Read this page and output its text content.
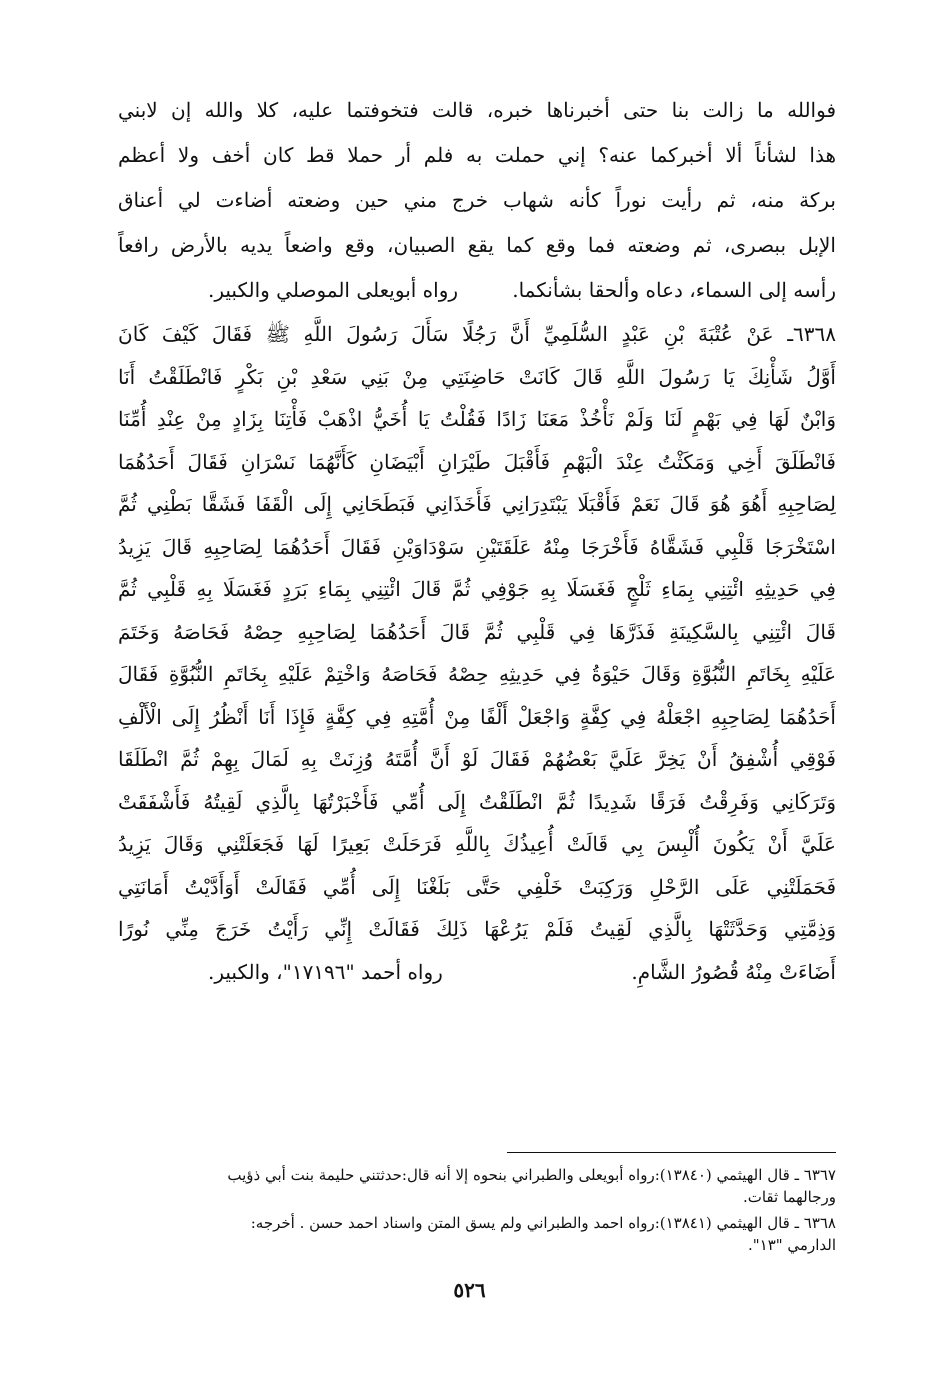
فوالله ما زالت بنا حتى أخبرناها خبره، قالت فتخوفتما عليه، كلا والله إن لابني
هذا لشأناً ألا أخبركما عنه؟ إني حملت به فلم أر حملا قط كان أخف ولا أعظم
بركة منه، ثم رأيت نوراً كأنه شهاب خرج مني حين وضعته أضاءت لي أعناق
الإبل ببصرى، ثم وضعته فما وقع كما يقع الصبيان، وقع واضعاً يديه بالأرض رافعاً
رأسه إلى السماء، دعاه وألحقا بشأنكما.
رواه أبويعلى الموصلي والكبير.
٦٣٦٨ـ عَنْ عُتْبَةَ بْنِ عَبْدٍ السُّلَمِيِّ أَنَّ رَجُلًا سَأَلَ رَسُولَ اللَّهِ ﷺ فَقَالَ كَيْفَ كَانَ
أَوَّلُ شَأْنِكَ يَا رَسُولَ اللَّهِ قَالَ كَانَتْ حَاضِنَتِي مِنْ بَنِي سَعْدِ بْنِ بَكْرٍ فَانْطَلَقْتُ أَنَا
وَابْنٌ لَهَا فِي بَهْمٍ لَنَا وَلَمْ نَأْخُذْ مَعَنَا زَادًا فَقُلْتُ يَا أُخَيُّ اذْهَبْ فَأْتِنَا بِزَادٍ مِنْ عِنْدِ أُمِّنَا
فَانْطَلَقَ أَخِي وَمَكَثْتُ عِنْدَ الْبَهْمِ فَأَقْبَلَ طَيْرَانِ أَبْيَضَانِ كَأَنَّهُمَا نَسْرَانِ فَقَالَ أَحَدُهُمَا
لِصَاحِبِهِ أَهُوَ هُوَ قَالَ نَعَمْ فَأَقْبَلَا يَبْتَدِرَانِي فَأَخَذَانِي فَبَطَحَانِي إِلَى الْقَفَا فَشَقَّا بَطْنِي ثُمَّ
اسْتَخْرَجَا قَلْبِي فَشَقَّاهُ فَأَخْرَجَا مِنْهُ عَلَقَتَيْنِ سَوْدَاوَيْنِ فَقَالَ أَحَدُهُمَا لِصَاحِبِهِ قَالَ يَزِيدُ
فِي حَدِيثِهِ ائْتِنِي بِمَاءِ ثَلْجٍ فَغَسَلَا بِهِ جَوْفِي ثُمَّ قَالَ ائْتِنِي بِمَاءِ بَرَدٍ فَغَسَلَا بِهِ قَلْبِي ثُمَّ
قَالَ ائْتِنِي بِالسَّكِينَةِ فَذَرَّهَا فِي قَلْبِي ثُمَّ قَالَ أَحَدُهُمَا لِصَاحِبِهِ حِصْهُ فَحَاصَهُ وَخَتَمَ
عَلَيْهِ بِخَاتَمِ النُّبُوَّةِ وَقَالَ حَيْوَةُ فِي حَدِيثِهِ حِصْهُ فَحَاصَهُ وَاخْتِمْ عَلَيْهِ بِخَاتَمِ النُّبُوَّةِ فَقَالَ
أَحَدُهُمَا لِصَاحِبِهِ اجْعَلْهُ فِي كِفَّةٍ وَاجْعَلْ أَلْفًا مِنْ أُمَّتِهِ فِي كِفَّةٍ فَإِذَا أَنَا أَنْظُرُ إِلَى الْأَلْفِ
فَوْقِي أُشْفِقُ أَنْ يَخِرَّ عَلَيَّ بَعْضُهُمْ فَقَالَ لَوْ أَنَّ أُمَّتَهُ وُزِنَتْ بِهِ لَمَالَ بِهِمْ ثُمَّ انْطَلَقَا
وَتَرَكَانِي وَفَرِقْتُ فَرَقًا شَدِيدًا ثُمَّ انْطَلَقْتُ إِلَى أُمِّي فَأَخْبَرْتُهَا بِالَّذِي لَقِيتُهُ فَأَشْفَقَتْ
عَلَيَّ أَنْ يَكُونَ أُلْبِسَ بِي قَالَتْ أُعِيذُكَ بِاللَّهِ فَرَحَلَتْ بَعِيرًا لَهَا فَجَعَلَتْنِي وَقَالَ يَزِيدُ
فَحَمَلَتْنِي عَلَى الرَّحْلِ وَرَكِبَتْ خَلْفِي حَتَّى بَلَغْنَا إِلَى أُمِّي فَقَالَتْ أَوَأَدَّيْتُ أَمَانَتِي
وَذِمَّتِي وَحَدَّثَتْهَا بِالَّذِي لَقِيتُ فَلَمْ يَرُعْهَا ذَلِكَ فَقَالَتْ إِنِّي رَأَيْتُ خَرَجَ مِنِّي نُورًا
أَضَاءَتْ مِنْهُ قُصُورُ الشَّامِ.
رواه أحمد "١٧١٩٦"، والكبير.
٦٣٦٧ ـ قال الهيثمي (١٣٨٤٠):رواه أبويعلى والطبراني بنحوه إلا أنه قال:حدثتني حليمة بنت أبي ذؤيب
ورجالهما ثقات.
٦٣٦٨ ـ قال الهيثمي (١٣٨٤١):رواه احمد والطبراني ولم يسق المتن واسناد احمد حسن . أخرجه:
الدارمي "١٣".
٥٢٦
